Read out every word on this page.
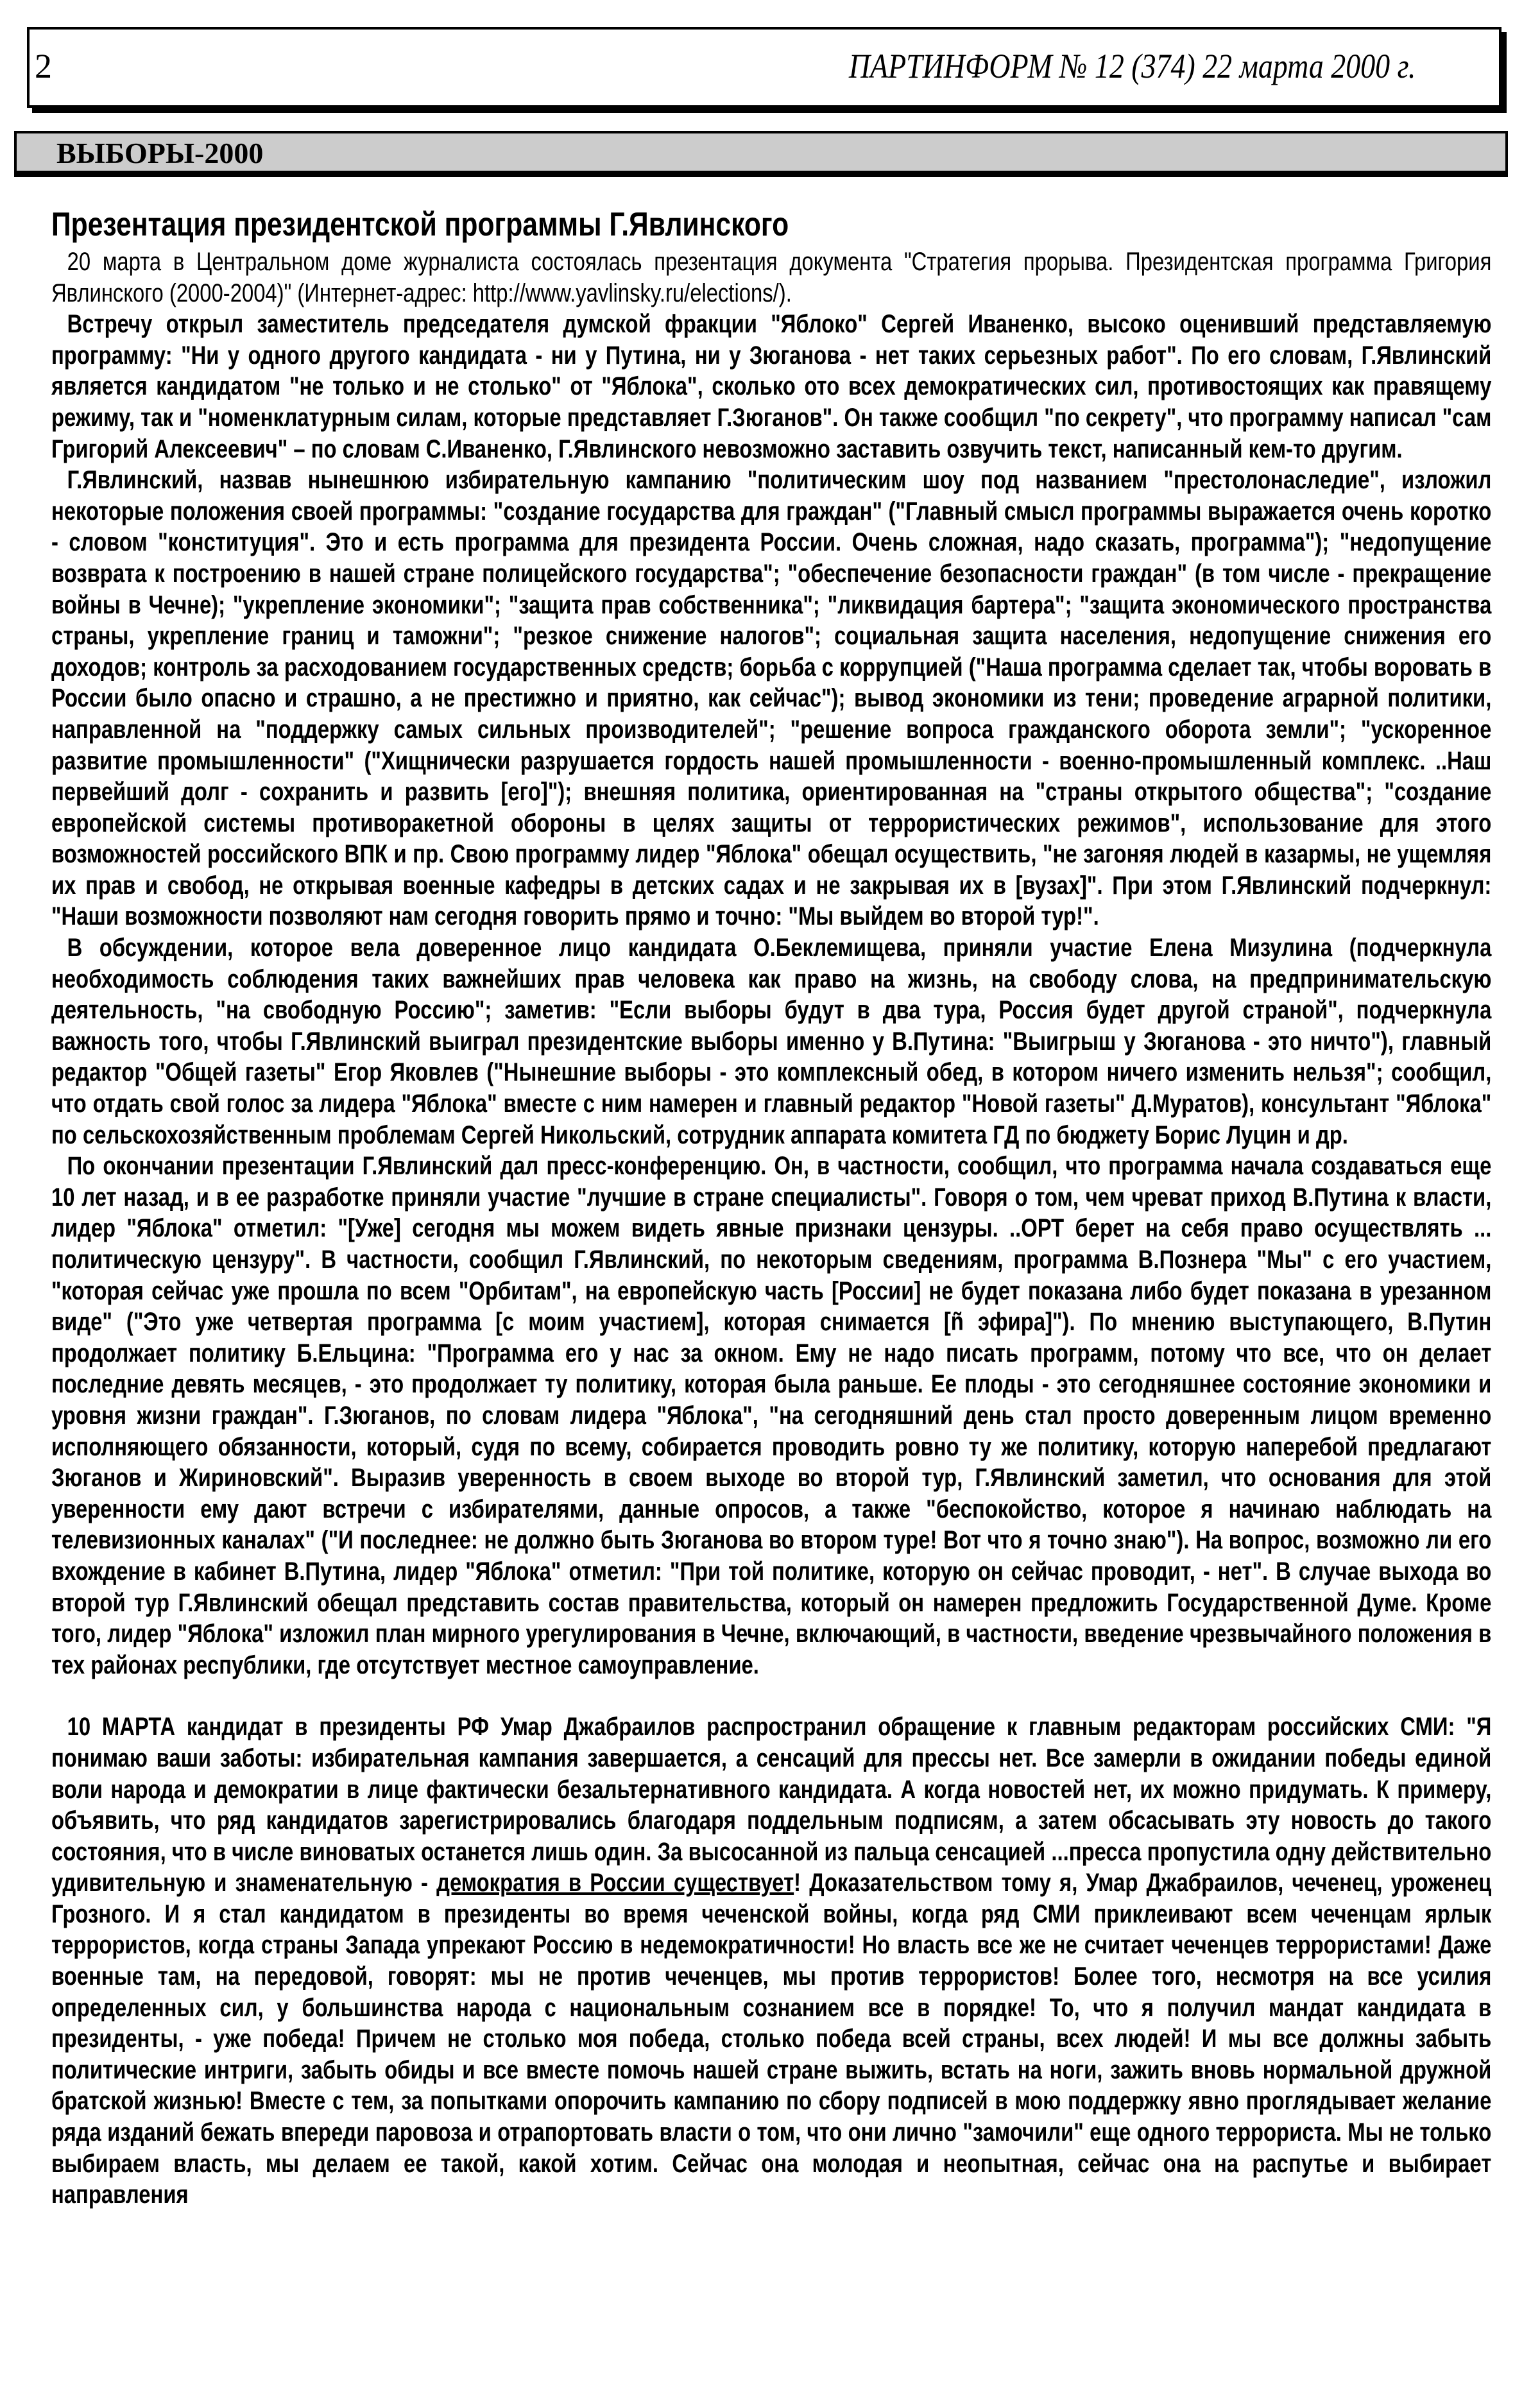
2	ПАРТИНФОРМ № 12 (374) 22 марта 2000 г.
ВЫБОРЫ-2000
Презентация президентской программы Г.Явлинского

20 марта в Центральном доме журналиста состоялась презентация документа "Стратегия прорыва. Президентская программа Григория Явлинского (2000-2004)" (Интернет-адрес: http://www.yavlinsky.ru/elections/).

Встречу открыл заместитель председателя думской фракции "Яблоко" Сергей Иваненко, высоко оценивший представляемую программу: "Ни у одного другого кандидата - ни у Путина, ни у Зюганова - нет таких серьезных работ". По его словам, Г.Явлинский является кандидатом "не только и не столько" от "Яблока", сколько ото всех демократических сил, противостоящих как правящему режиму, так и "номенклатурным силам, которые представляет Г.Зюганов". Он также сообщил "по секрету", что программу написал "сам Григорий Алексеевич" – по словам С.Иваненко, Г.Явлинского невозможно заставить озвучить текст, написанный кем-то другим.

Г.Явлинский, назвав нынешнюю избирательную кампанию "политическим шоу под названием "престолонаследие", изложил некоторые положения своей программы: "создание государства для граждан" ("Главный смысл программы выражается очень коротко - словом "конституция". Это и есть программа для президента России. Очень сложная, надо сказать, программа"); "недопущение возврата к построению в нашей стране полицейского государства"; "обеспечение безопасности граждан" (в том числе - прекращение войны в Чечне); "укрепление экономики"; "защита прав собственника"; "ликвидация бартера"; "защита экономического пространства страны, укрепление границ и таможни"; "резкое снижение налогов"; социальная защита населения, недопущение снижения его доходов; контроль за расходованием государственных средств; борьба с коррупцией ("Наша программа сделает так, чтобы воровать в России было опасно и страшно, а не престижно и приятно, как сейчас"); вывод экономики из тени; проведение аграрной политики, направленной на "поддержку самых сильных производителей"; "решение вопроса гражданского оборота земли"; "ускоренное развитие промышленности" ("Хищнически разрушается гордость нашей промышленности - военно-промышленный комплекс. ..Наш первейший долг - сохранить и развить [его]"); внешняя политика, ориентированная на "страны открытого общества"; "создание европейской системы противоракетной обороны в целях защиты от террористических режимов", использование для этого возможностей российского ВПК и пр. Свою программу лидер "Яблока" обещал осуществить, "не загоняя людей в казармы, не ущемляя их прав и свобод, не открывая военные кафедры в детских садах и не закрывая их в [вузах]". При этом Г.Явлинский подчеркнул: "Наши возможности позволяют нам сегодня говорить прямо и точно: "Мы выйдем во второй тур!".

В обсуждении, которое вела доверенное лицо кандидата О.Беклемищева, приняли участие Елена Мизулина (подчеркнула необходимость соблюдения таких важнейших прав человека как право на жизнь, на свободу слова, на предпринимательскую деятельность, "на свободную Россию"; заметив: "Если выборы будут в два тура, Россия будет другой страной", подчеркнула важность того, чтобы Г.Явлинский выиграл президентские выборы именно у В.Путина: "Выигрыш у Зюганова - это ничто"), главный редактор "Общей газеты" Егор Яковлев ("Нынешние выборы - это комплексный обед, в котором ничего изменить нельзя"; сообщил, что отдать свой голос за лидера "Яблока" вместе с ним намерен и главный редактор "Новой газеты" Д.Муратов), консультант "Яблока" по сельскохозяйственным проблемам Сергей Никольский, сотрудник аппарата комитета ГД по бюджету Борис Луцин и др.

По окончании презентации Г.Явлинский дал пресс-конференцию. Он, в частности, сообщил, что программа начала создаваться еще 10 лет назад, и в ее разработке приняли участие "лучшие в стране специалисты". Говоря о том, чем чреват приход В.Путина к власти, лидер "Яблока" отметил: "[Уже] сегодня мы можем видеть явные признаки цензуры. ..ОРТ берет на себя право осуществлять ... политическую цензуру". В частности, сообщил Г.Явлинский, по некоторым сведениям, программа В.Познера "Мы" с его участием, "которая сейчас уже прошла по всем "Орбитам", на европейскую часть [России] не будет показана либо будет показана в урезанном виде" ("Это уже четвертая программа [с моим участием], которая снимается [ñ эфира]"). По мнению выступающего, В.Путин продолжает политику Б.Ельцина: "Программа его у нас за окном. Ему не надо писать программ, потому что все, что он делает последние девять месяцев, - это продолжает ту политику, которая была раньше. Ее плоды - это сегодняшнее состояние экономики и уровня жизни граждан". Г.Зюганов, по словам лидера "Яблока", "на сегодняшний день стал просто доверенным лицом временно исполняющего обязанности, который, судя по всему, собирается проводить ровно ту же политику, которую наперебой предлагают Зюганов и Жириновский". Выразив уверенность в своем выходе во второй тур, Г.Явлинский заметил, что основания для этой уверенности ему дают встречи с избирателями, данные опросов, а также "беспокойство, которое я начинаю наблюдать на телевизионных каналах" ("И последнее: не должно быть Зюганова во втором туре! Вот что я точно знаю"). На вопрос, возможно ли его вхождение в кабинет В.Путина, лидер "Яблока" отметил: "При той политике, которую он сейчас проводит, - нет". В случае выхода во второй тур Г.Явлинский обещал представить состав правительства, который он намерен предложить Государственной Думе. Кроме того, лидер "Яблока" изложил план мирного урегулирования в Чечне, включающий, в частности, введение чрезвычайного положения в тех районах республики, где отсутствует местное самоуправление.

10 МАРТА кандидат в президенты РФ Умар Джабраилов распространил обращение к главным редакторам российских СМИ: "Я понимаю ваши заботы: избирательная кампания завершается, а сенсаций для прессы нет. Все замерли в ожидании победы единой воли народа и демократии в лице фактически безальтернативного кандидата. А когда новостей нет, их можно придумать. К примеру, объявить, что ряд кандидатов зарегистрировались благодаря поддельным подписям, а затем обсасывать эту новость до такого состояния, что в числе виноватых останется лишь один. За высосанной из пальца сенсацией ...пресса пропустила одну действительно удивительную и знаменательную - демократия в России существует! Доказательством тому я, Умар Джабраилов, чеченец, уроженец Грозного. И я стал кандидатом в президенты во время чеченской войны, когда ряд СМИ приклеивают всем чеченцам ярлык террористов, когда страны Запада упрекают Россию в недемократичности! Но власть все же не считает чеченцев террористами! Даже военные там, на передовой, говорят: мы не против чеченцев, мы против террористов! Более того, несмотря на все усилия определенных сил, у большинства народа с национальным сознанием все в порядке! То, что я получил мандат кандидата в президенты, - уже победа! Причем не столько моя победа, столько победа всей страны, всех людей! И мы все должны забыть политические интриги, забыть обиды и все вместе помочь нашей стране выжить, встать на ноги, зажить вновь нормальной дружной братской жизнью! Вместе с тем, за попытками опорочить кампанию по сбору подписей в мою поддержку явно проглядывает желание ряда изданий бежать впереди паровоза и отрапортовать власти о том, что они лично "замочили" еще одного террориста. Мы не только выбираем власть, мы делаем ее такой, какой хотим. Сейчас она молодая и неопытная, сейчас она на распутье и выбирает направления
